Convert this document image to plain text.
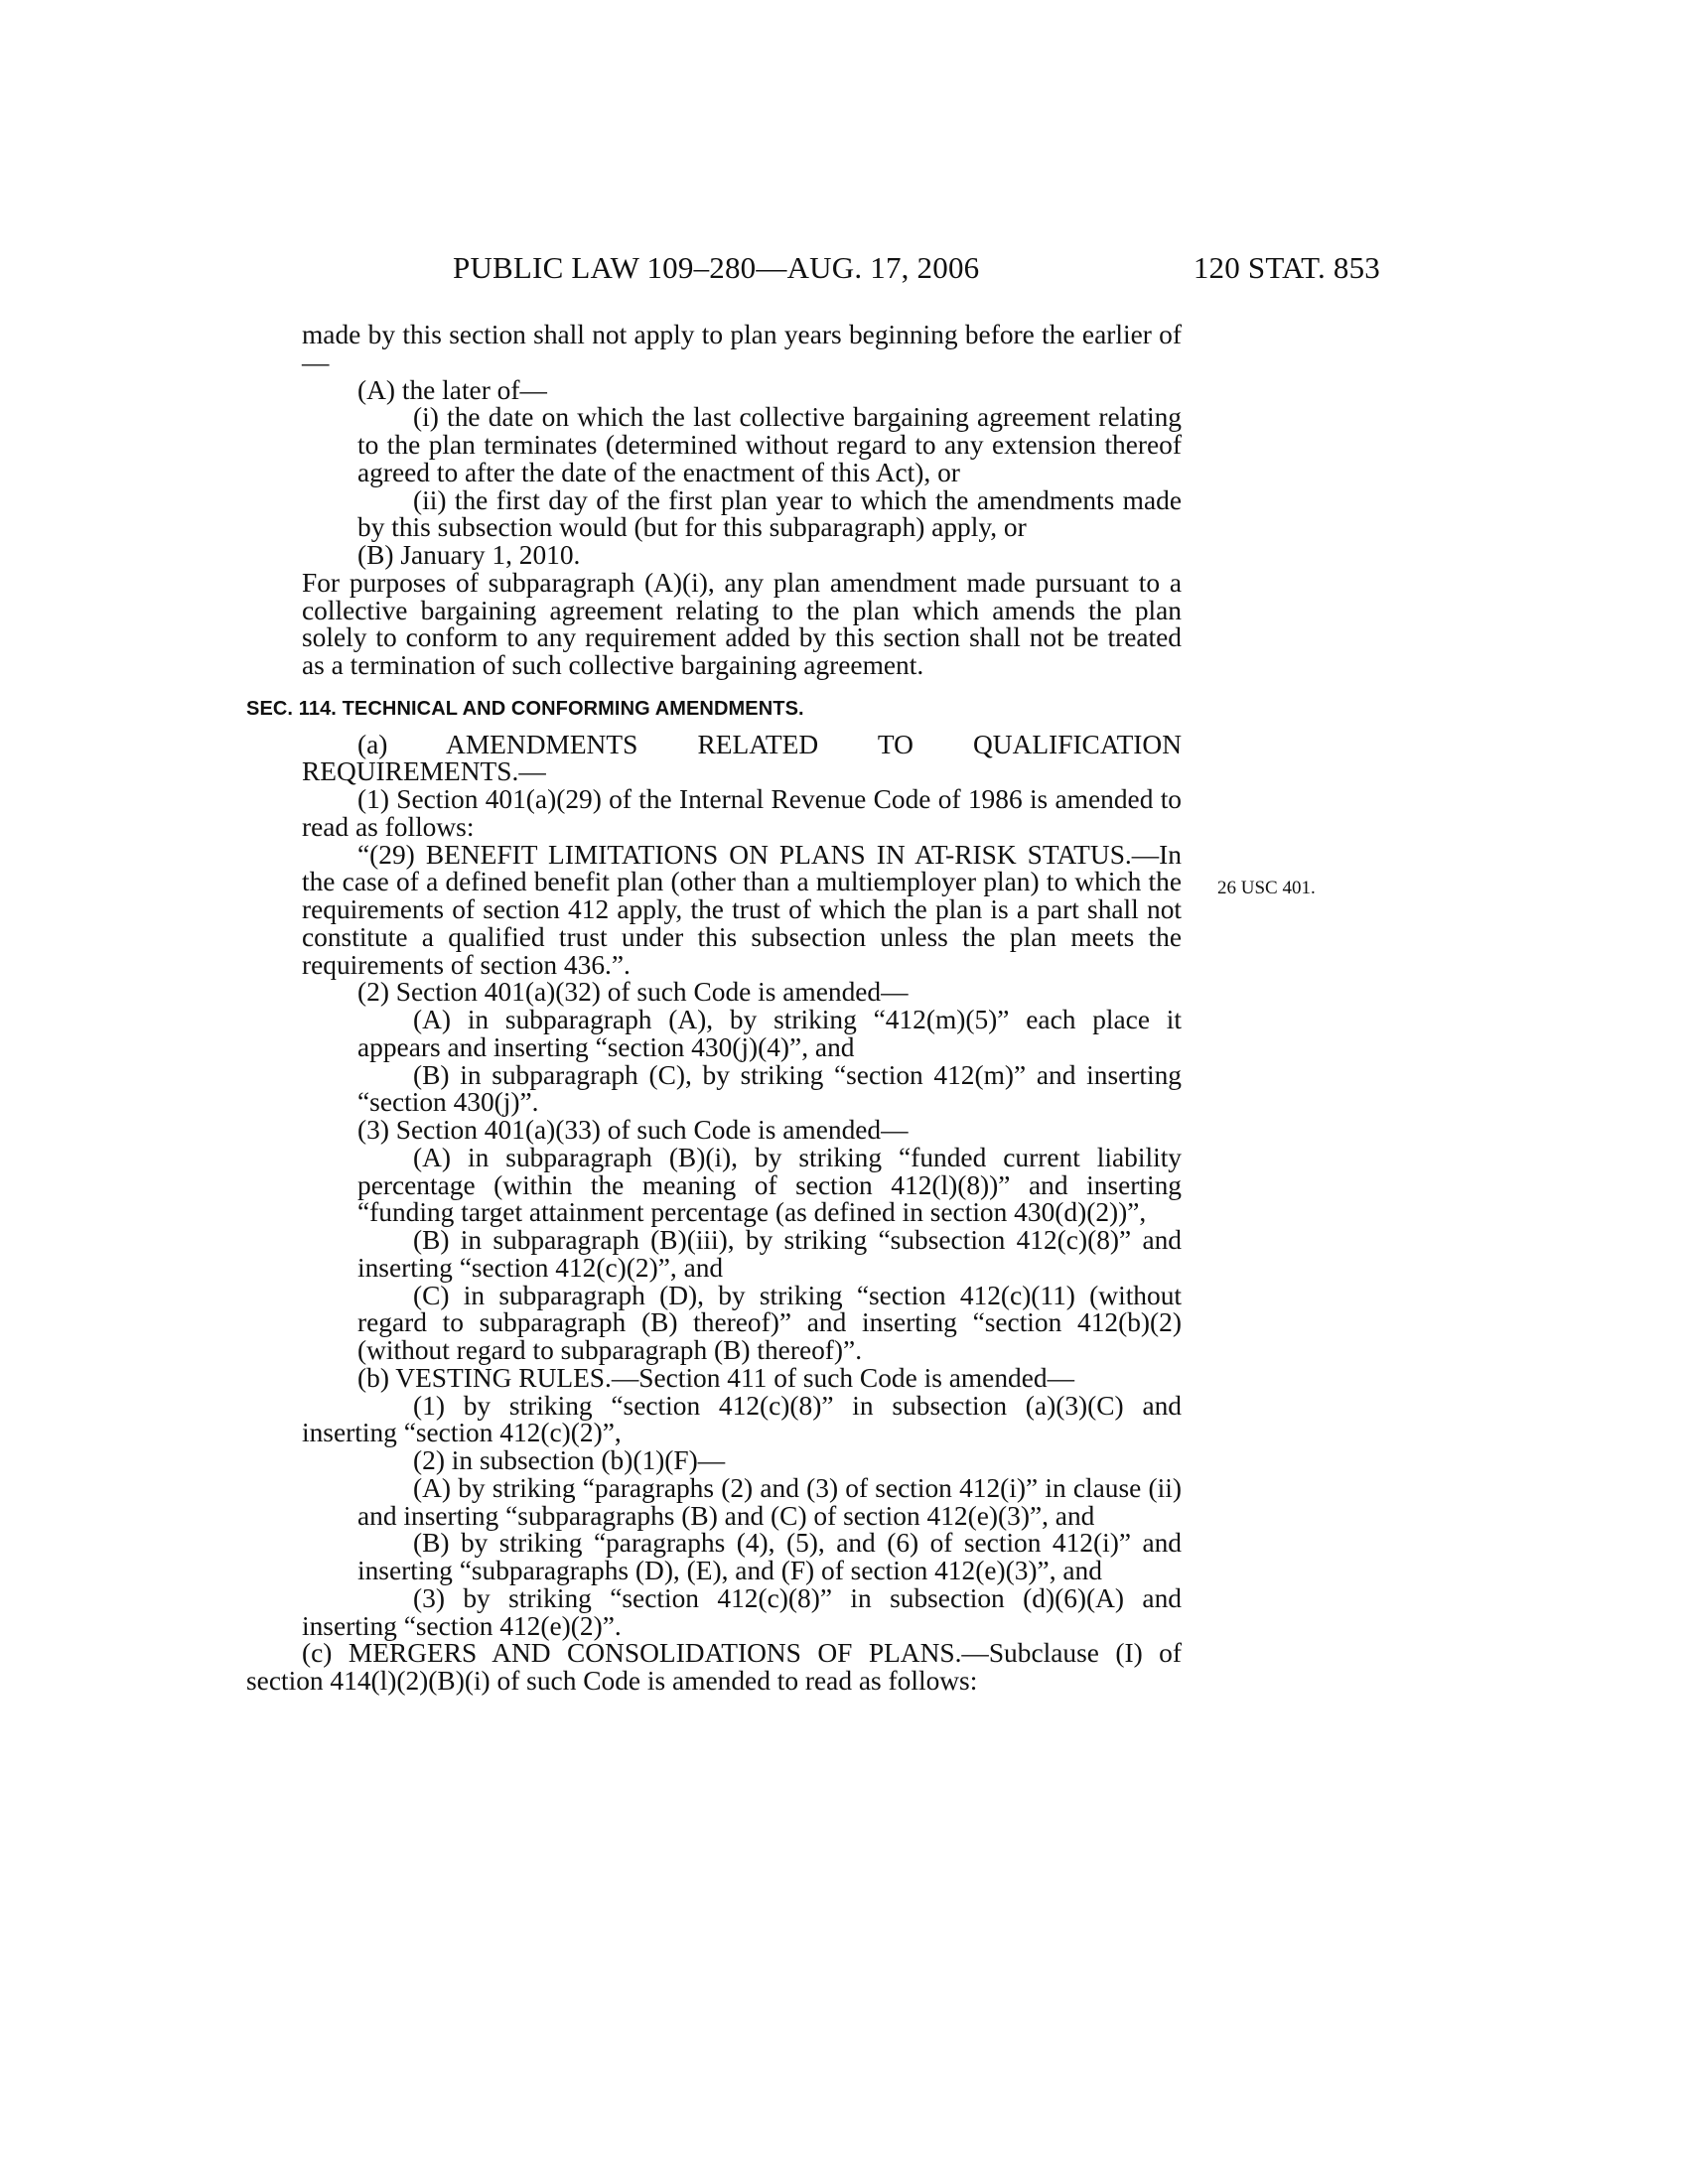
PUBLIC LAW 109–280—AUG. 17, 2006	120 STAT. 853
26 USC 401.

made by this section shall not apply to plan years beginning before the earlier of—

(A) the later of—

(i) the date on which the last collective bargaining agreement relating to the plan terminates (determined without regard to any extension thereof agreed to after the date of the enactment of this Act), or

(ii) the first day of the first plan year to which the amendments made by this subsection would (but for this subparagraph) apply, or

(B) January 1, 2010.

For purposes of subparagraph (A)(i), any plan amendment made pursuant to a collective bargaining agreement relating to the plan which amends the plan solely to conform to any requirement added by this section shall not be treated as a termination of such collective bargaining agreement.

SEC. 114. TECHNICAL AND CONFORMING AMENDMENTS.

(a) AMENDMENTS RELATED TO QUALIFICATION REQUIREMENTS.—

(1) Section 401(a)(29) of the Internal Revenue Code of 1986 is amended to read as follows:

“(29) BENEFIT LIMITATIONS ON PLANS IN AT-RISK STATUS.—In the case of a defined benefit plan (other than a multiemployer plan) to which the requirements of section 412 apply, the trust of which the plan is a part shall not constitute a qualified trust under this subsection unless the plan meets the requirements of section 436.”.

(2) Section 401(a)(32) of such Code is amended—

(A) in subparagraph (A), by striking “412(m)(5)” each place it appears and inserting “section 430(j)(4)”, and

(B) in subparagraph (C), by striking “section 412(m)” and inserting “section 430(j)”.

(3) Section 401(a)(33) of such Code is amended—

(A) in subparagraph (B)(i), by striking “funded current liability percentage (within the meaning of section 412(l)(8))” and inserting “funding target attainment percentage (as defined in section 430(d)(2))”,

(B) in subparagraph (B)(iii), by striking “subsection 412(c)(8)” and inserting “section 412(c)(2)”, and

(C) in subparagraph (D), by striking “section 412(c)(11) (without regard to subparagraph (B) thereof)” and inserting “section 412(b)(2) (without regard to subparagraph (B) thereof)”.

(b) VESTING RULES.—Section 411 of such Code is amended—

(1) by striking “section 412(c)(8)” in subsection (a)(3)(C) and inserting “section 412(c)(2)”,

(2) in subsection (b)(1)(F)—

(A) by striking “paragraphs (2) and (3) of section 412(i)” in clause (ii) and inserting “subparagraphs (B) and (C) of section 412(e)(3)”, and

(B) by striking “paragraphs (4), (5), and (6) of section 412(i)” and inserting “subparagraphs (D), (E), and (F) of section 412(e)(3)”, and

(3) by striking “section 412(c)(8)” in subsection (d)(6)(A) and inserting “section 412(e)(2)”.

(c) MERGERS AND CONSOLIDATIONS OF PLANS.—Subclause (I) of section 414(l)(2)(B)(i) of such Code is amended to read as follows:
